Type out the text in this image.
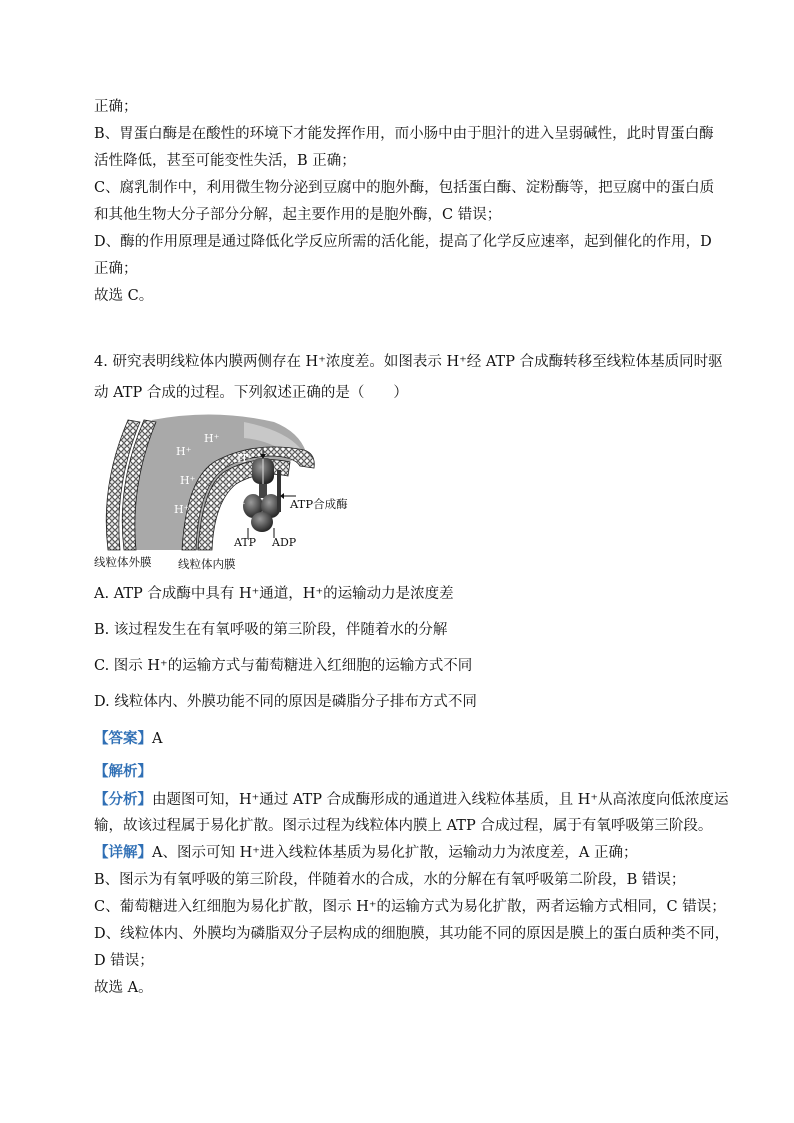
正确；
B、胃蛋白酶是在酸性的环境下才能发挥作用，而小肠中由于胆汁的进入呈弱碱性，此时胃蛋白酶
活性降低，甚至可能变性失活，B 正确；
C、腐乳制作中，利用微生物分泌到豆腐中的胞外酶，包括蛋白酶、淀粉酶等，把豆腐中的蛋白质
和其他生物大分子部分分解，起主要作用的是胞外酶，C 错误；
D、酶的作用原理是通过降低化学反应所需的活化能，提高了化学反应速率，起到催化的作用，D
正确；
故选 C。
4. 研究表明线粒体内膜两侧存在 H⁺浓度差。如图表示 H⁺经 ATP 合成酶转移至线粒体基质同时驱
动 ATP 合成的过程。下列叙述正确的是（　　）
H⁺
H⁺
H⁺
H⁺
H⁺	H⁺	ATP合成酶
ATP ADP
线粒体外膜 线粒体内膜
A. ATP 合成酶中具有 H⁺通道，H⁺的运输动力是浓度差
B. 该过程发生在有氧呼吸的第三阶段，伴随着水的分解
C. 图示 H⁺的运输方式与葡萄糖进入红细胞的运输方式不同
D. 线粒体内、外膜功能不同的原因是磷脂分子排布方式不同
【答案】A
【解析】
【分析】由题图可知，H⁺通过 ATP 合成酶形成的通道进入线粒体基质，且 H⁺从高浓度向低浓度运
输，故该过程属于易化扩散。图示过程为线粒体内膜上 ATP 合成过程，属于有氧呼吸第三阶段。
【详解】A、图示可知 H⁺进入线粒体基质为易化扩散，运输动力为浓度差，A 正确；
B、图示为有氧呼吸的第三阶段，伴随着水的合成，水的分解在有氧呼吸第二阶段，B 错误；
C、葡萄糖进入红细胞为易化扩散，图示 H⁺的运输方式为易化扩散，两者运输方式相同，C 错误；
D、线粒体内、外膜均为磷脂双分子层构成的细胞膜，其功能不同的原因是膜上的蛋白质种类不同，
D 错误；
故选 A。
